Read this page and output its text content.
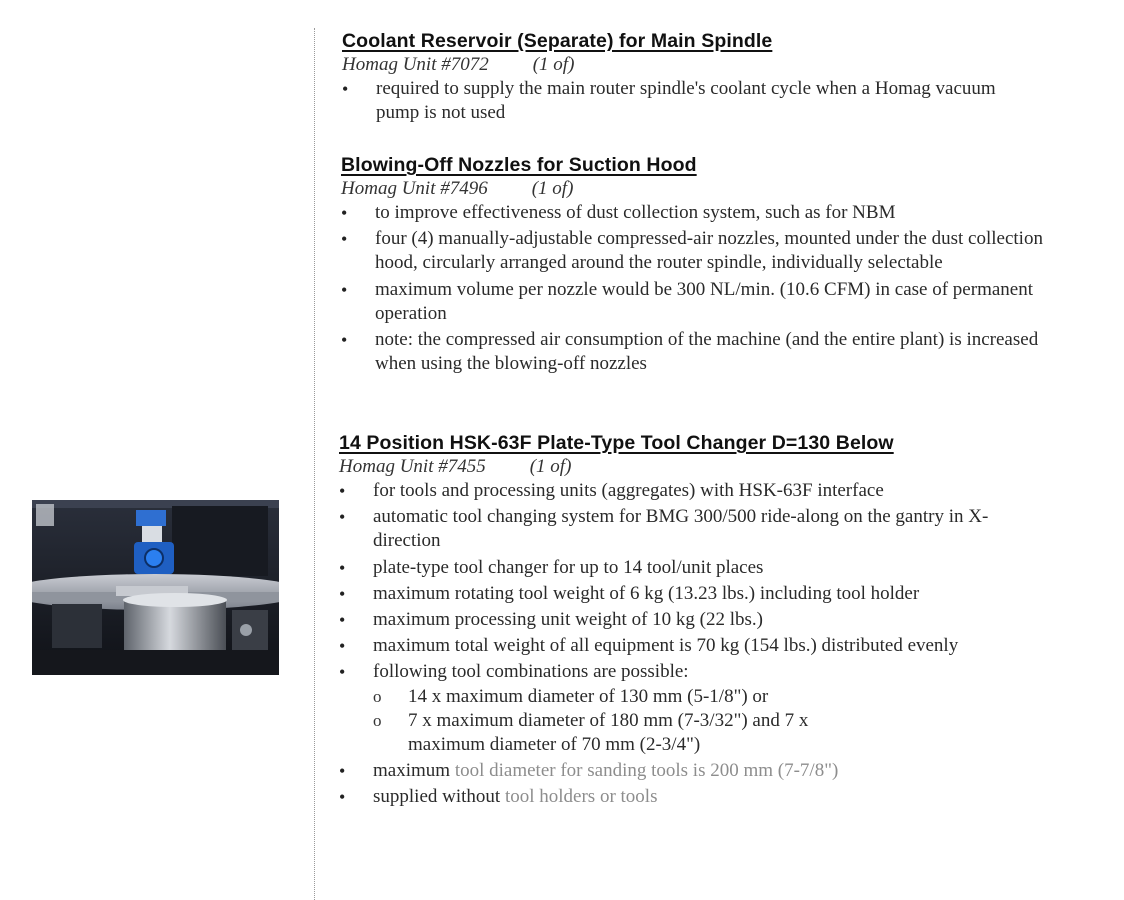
Coolant Reservoir (Separate) for Main Spindle
Homag Unit #7072 (1 of)
• required to supply the main router spindle's coolant cycle when a Homag vacuum pump is not used
Blowing-Off Nozzles for Suction Hood
Homag Unit #7496 (1 of)
• to improve effectiveness of dust collection system, such as for NBM
• four (4) manually-adjustable compressed-air nozzles, mounted under the dust collection hood, circularly arranged around the router spindle, individually selectable
• maximum volume per nozzle would be 300 NL/min. (10.6 CFM) in case of permanent operation
• note: the compressed air consumption of the machine (and the entire plant) is increased when using the blowing-off nozzles
14 Position HSK-63F Plate-Type Tool Changer D=130 Below
Homag Unit #7455 (1 of)
• for tools and processing units (aggregates) with HSK-63F interface
• automatic tool changing system for BMG 300/500 ride-along on the gantry in X-direction
• plate-type tool changer for up to 14 tool/unit places
• maximum rotating tool weight of 6 kg (13.23 lbs.) including tool holder
• maximum processing unit weight of 10 kg (22 lbs.)
• maximum total weight of all equipment is 70 kg (154 lbs.) distributed evenly
• following tool combinations are possible:
o 14 x maximum diameter of 130 mm (5-1/8") or
o 7 x maximum diameter of 180 mm (7-3/32") and 7 x maximum diameter of 70 mm (2-3/4")
• maximum tool diameter for sanding tools is 200 mm (7-7/8")
• supplied without tool holders or tools
